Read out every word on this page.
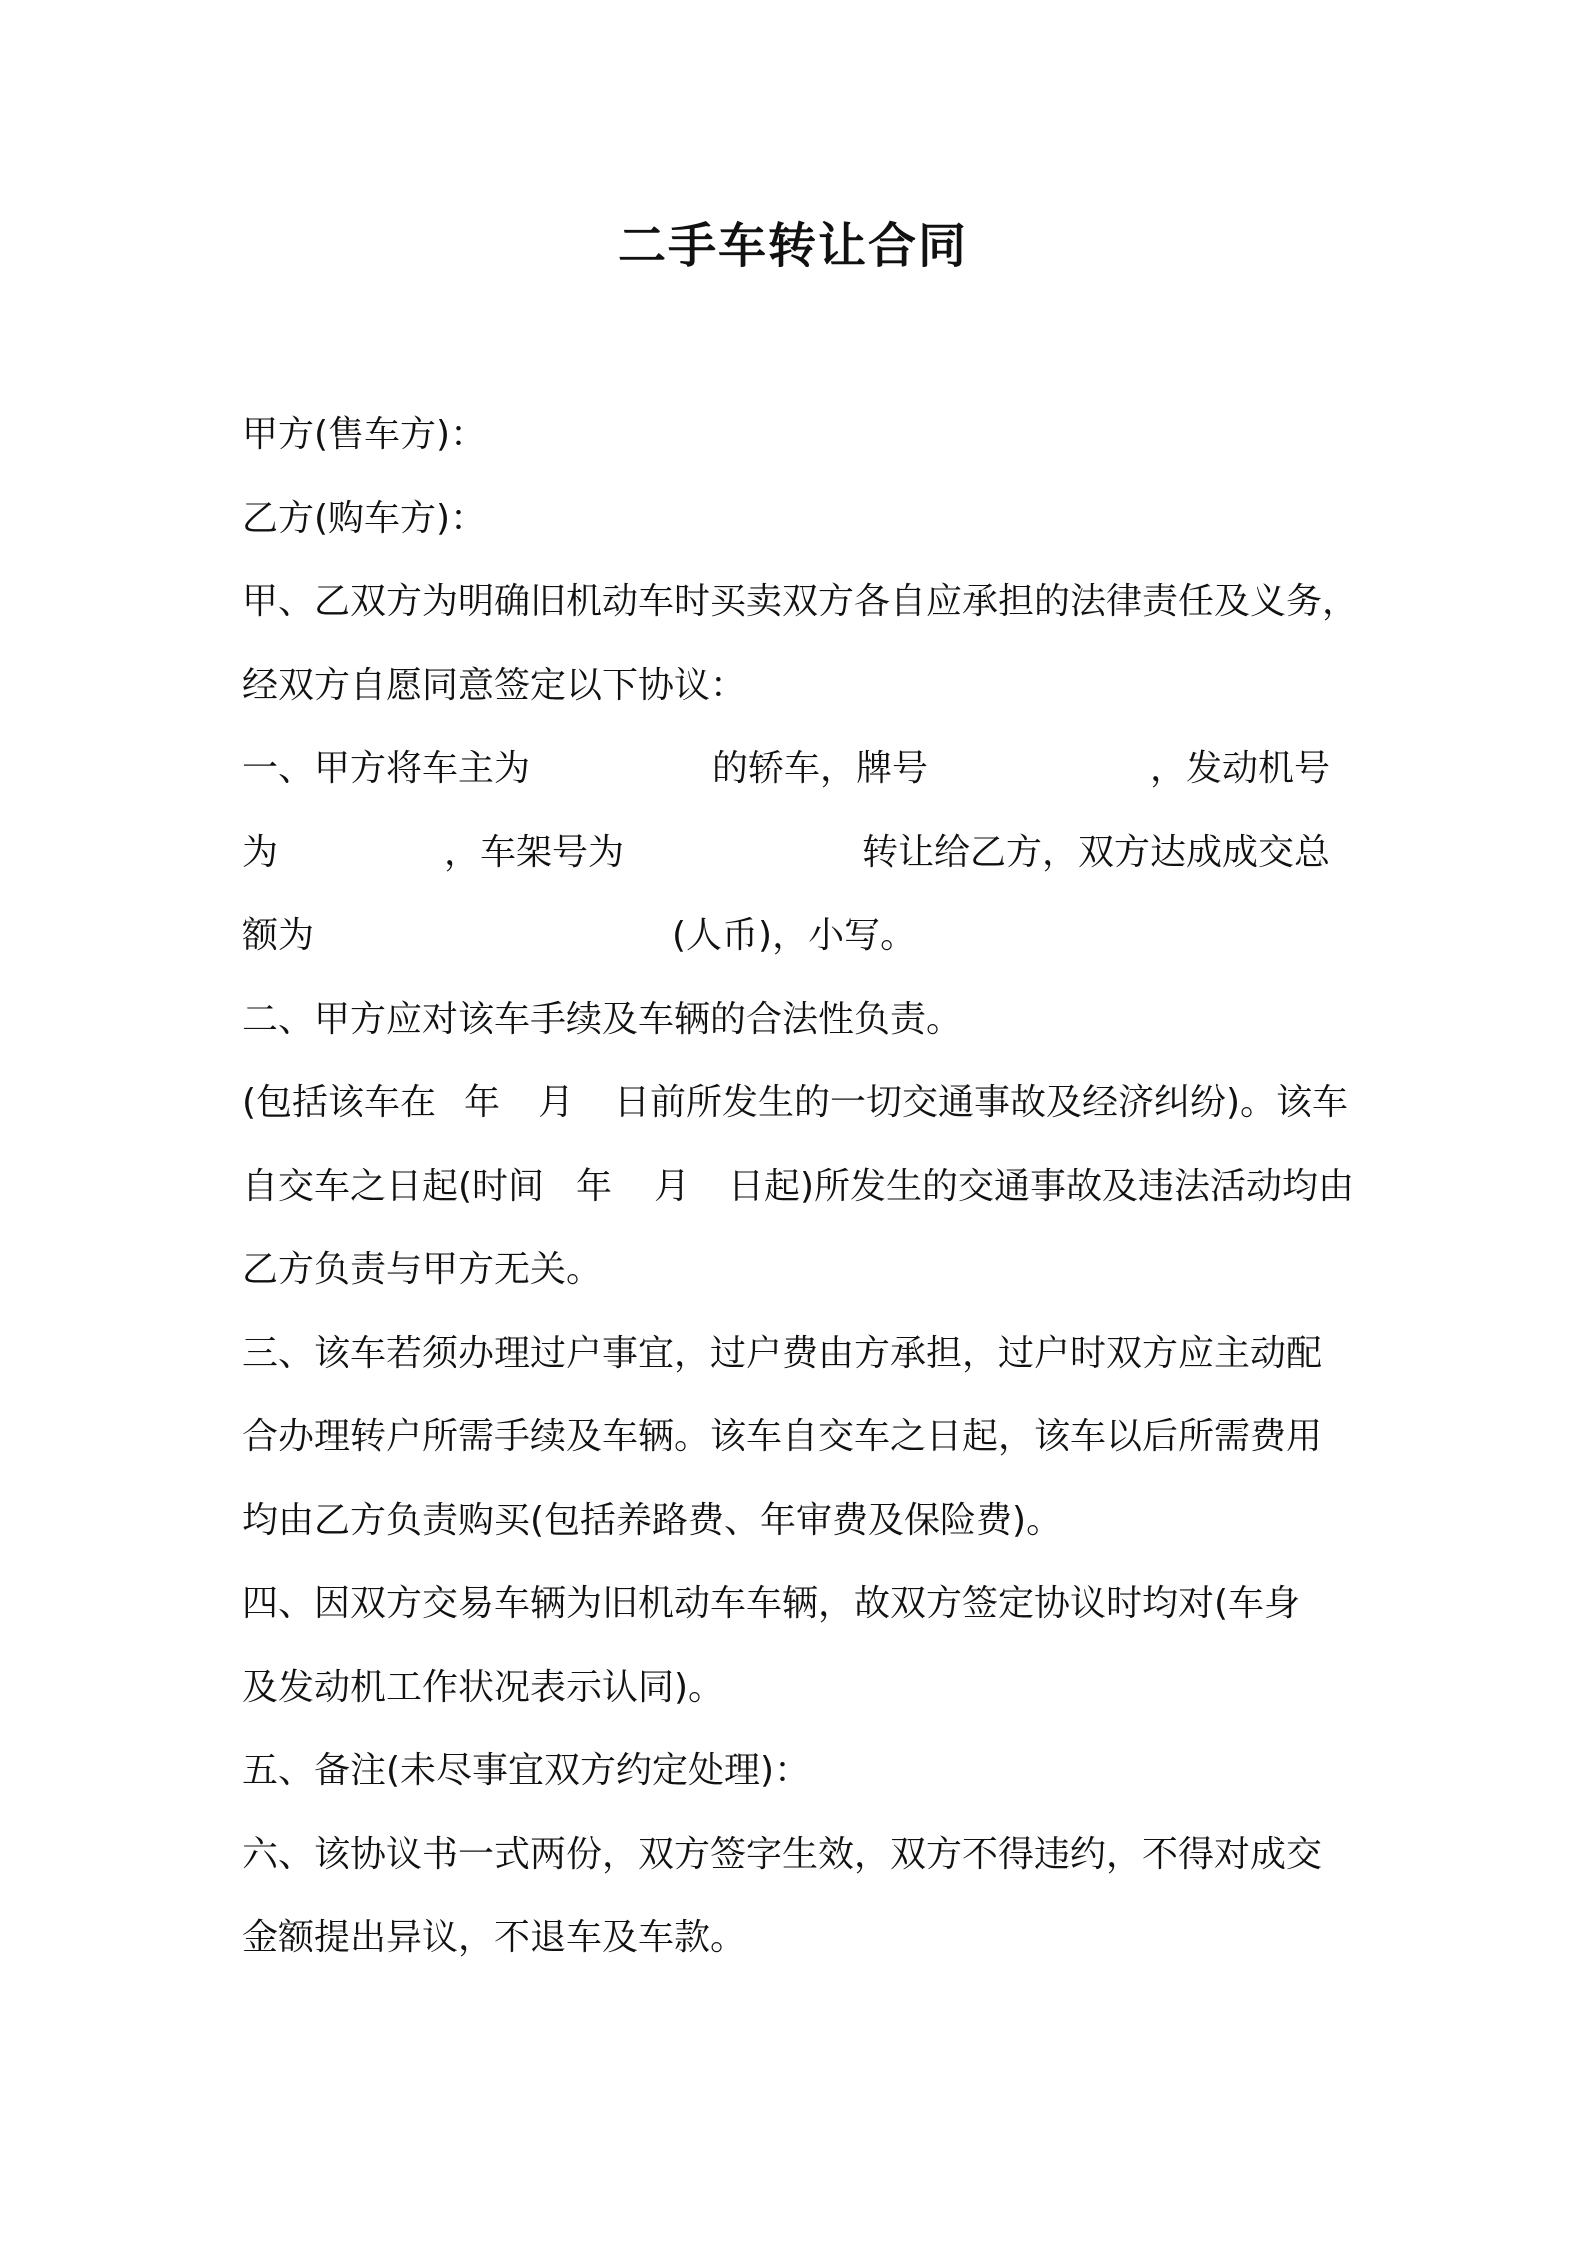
二手车转让合同
甲方(售车方)：
乙方(购车方)：
甲、乙双方为明确旧机动车时买卖双方各自应承担的法律责任及义务，
经双方自愿同意签定以下协议：
一、甲方将车主为	的轿车，牌号	，发动机号
为	，车架号为	转让给乙方，双方达成成交总
额为	(人币)，小写。
二、甲方应对该车手续及车辆的合法性负责。
(包括该车在 年 月 日前所发生的一切交通事故及经济纠纷)。该车
自交车之日起(时间 年 月 日起)所发生的交通事故及违法活动均由
乙方负责与甲方无关。
三、该车若须办理过户事宜，过户费由方承担，过户时双方应主动配
合办理转户所需手续及车辆。该车自交车之日起，该车以后所需费用
均由乙方负责购买(包括养路费、年审费及保险费)。
四、因双方交易车辆为旧机动车车辆，故双方签定协议时均对(车身
及发动机工作状况表示认同)。
五、备注(未尽事宜双方约定处理)：
六、该协议书一式两份，双方签字生效，双方不得违约，不得对成交
金额提出异议，不退车及车款。
